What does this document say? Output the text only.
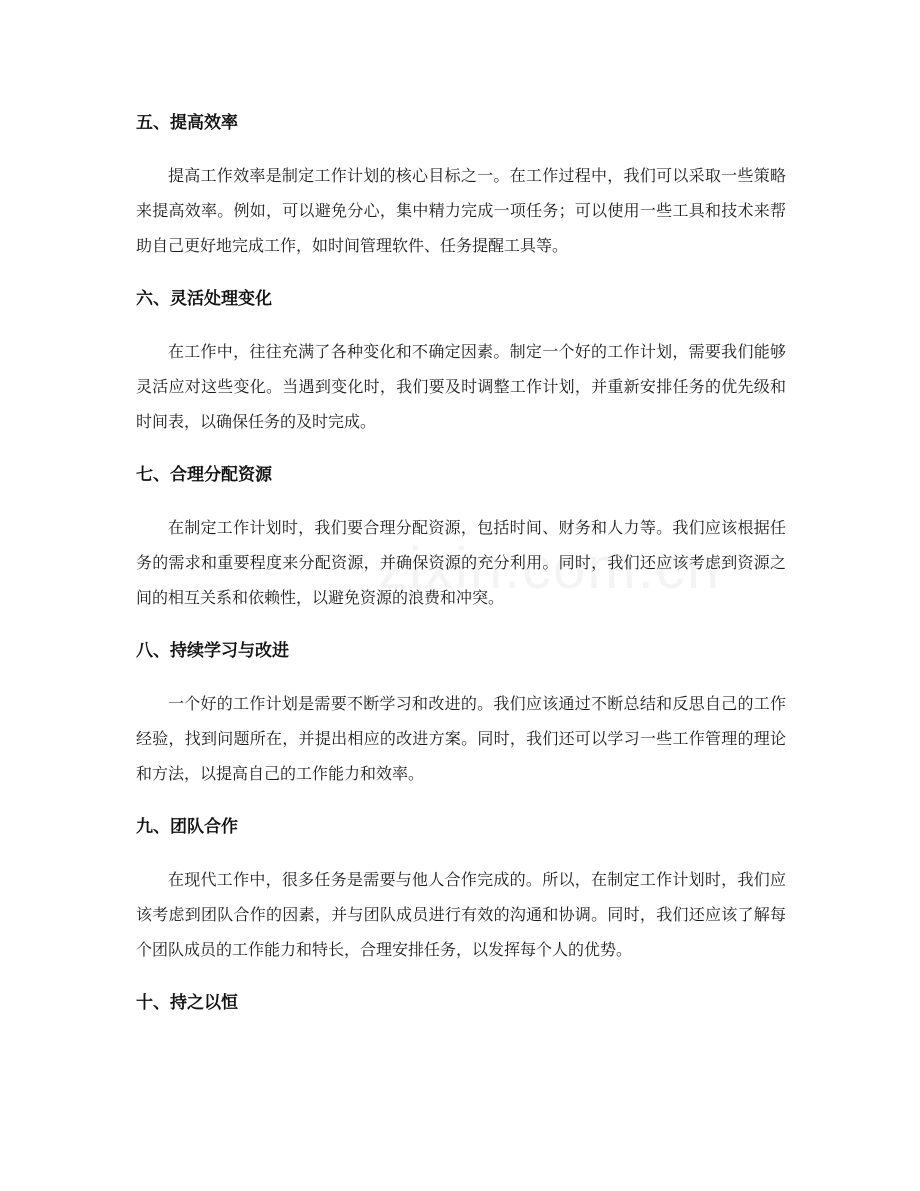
五、提高效率

提高工作效率是制定工作计划的核心目标之一。在工作过程中，我们可以采取一些策略来提高效率。例如，可以避免分心，集中精力完成一项任务；可以使用一些工具和技术来帮助自己更好地完成工作，如时间管理软件、任务提醒工具等。

六、灵活处理变化

在工作中，往往充满了各种变化和不确定因素。制定一个好的工作计划，需要我们能够灵活应对这些变化。当遇到变化时，我们要及时调整工作计划，并重新安排任务的优先级和时间表，以确保任务的及时完成。

七、合理分配资源

在制定工作计划时，我们要合理分配资源，包括时间、财务和人力等。我们应该根据任务的需求和重要程度来分配资源，并确保资源的充分利用。同时，我们还应该考虑到资源之间的相互关系和依赖性，以避免资源的浪费和冲突。

八、持续学习与改进

一个好的工作计划是需要不断学习和改进的。我们应该通过不断总结和反思自己的工作经验，找到问题所在，并提出相应的改进方案。同时，我们还可以学习一些工作管理的理论和方法，以提高自己的工作能力和效率。

九、团队合作

在现代工作中，很多任务是需要与他人合作完成的。所以，在制定工作计划时，我们应该考虑到团队合作的因素，并与团队成员进行有效的沟通和协调。同时，我们还应该了解每个团队成员的工作能力和特长，合理安排任务，以发挥每个人的优势。

十、持之以恒
